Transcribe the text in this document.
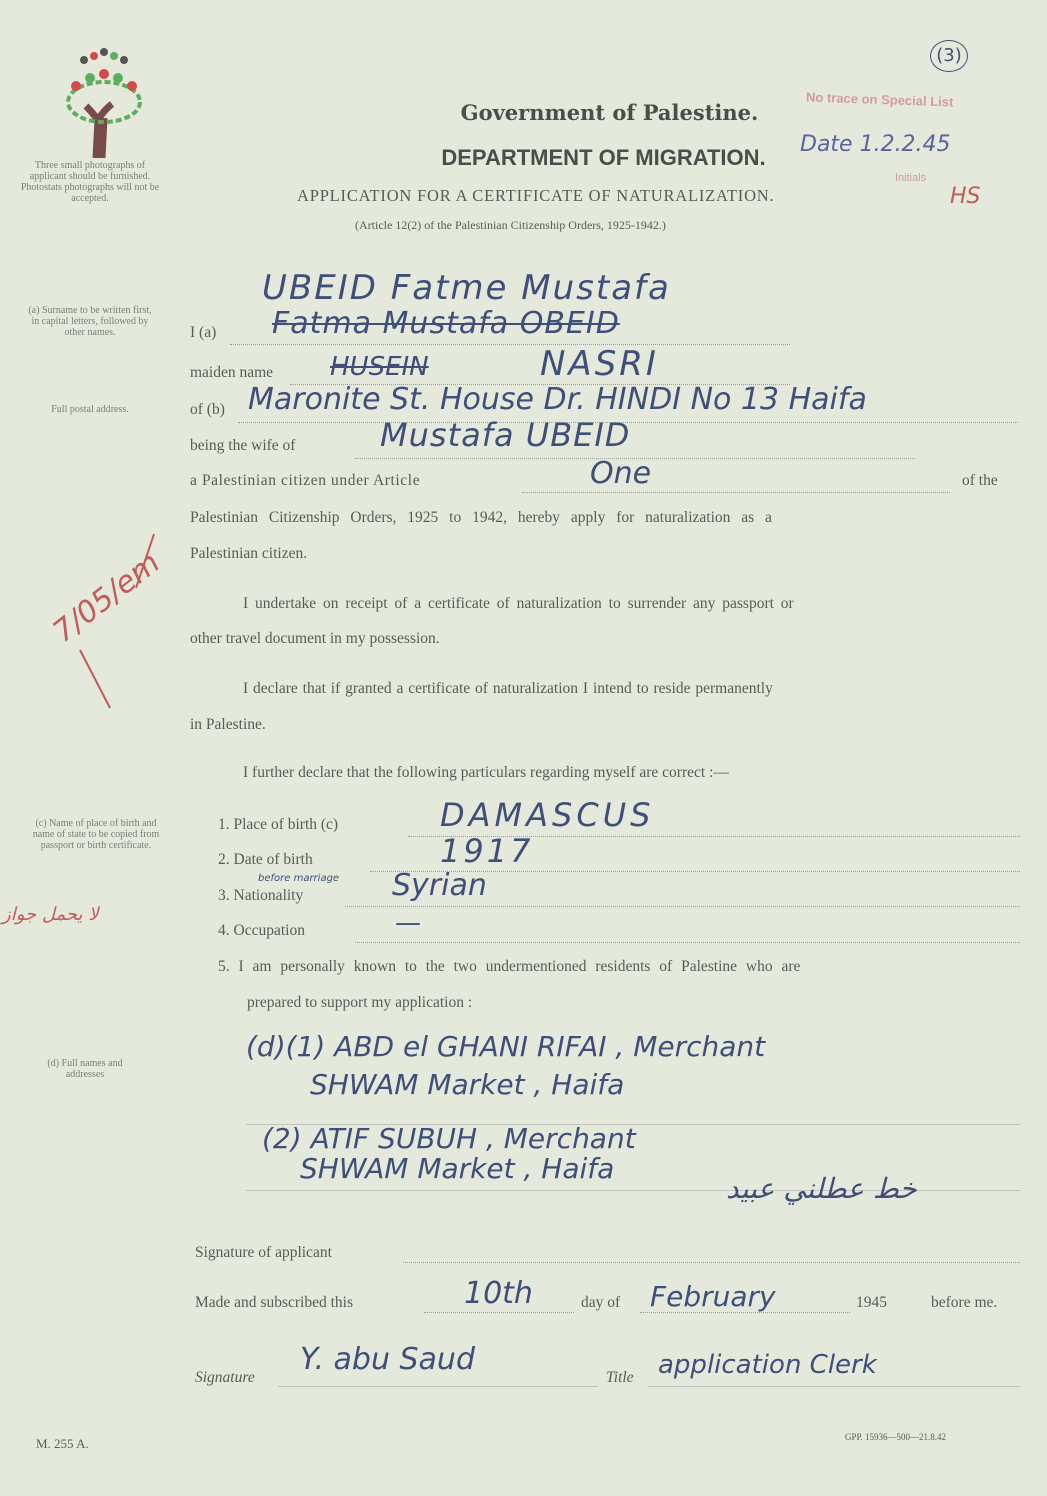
Three small photographs of applicant should be furnished. Photostats photographs will not be accepted.
(a) Surname to be written first, in capital letters, followed by other names.
Full postal address.
(c) Name of place of birth and name of state to be copied from passport or birth certificate.
(d) Full names and addresses
(3)
No trace on Special List
Date 1.2.2.45
Initials
HS
7/05/em
Government of Palestine.
DEPARTMENT OF MIGRATION.
APPLICATION FOR A CERTIFICATE OF NATURALIZATION.
(Article 12(2) of the Palestinian Citizenship Orders, 1925-1942.)
UBEID Fatme Mustafa
I (a) Fatma Mustafa OBEID
maiden name HUSEIN	NASRI
of (b) Maronite St. House Dr. HINDI No 13 Haifa
being the wife of	Mustafa UBEID
a Palestinian citizen under Article	One	of the
Palestinian Citizenship Orders, 1925 to 1942, hereby apply for naturalization as a
Palestinian citizen.
I undertake on receipt of a certificate of naturalization to surrender any passport or
other travel document in my possession.
I declare that if granted a certificate of naturalization I intend to reside permanently
in Palestine.
I further declare that the following particulars regarding myself are correct :—
1. Place of birth (c)	DAMASCUS
2. Date of birth	1917
3. Nationality
before marriage Syrian
لا يحمل جواز
4. Occupation	—
5. I am personally known to the two undermentioned residents of Palestine who are
prepared to support my application :
(d)(1) ABD el GHANI RIFAI , Merchant
SHWAM Market , Haifa
(2) ATIF SUBUH , Merchant
SHWAM Market , Haifa
خط عطلني عبيد
Signature of applicant
Made and subscribed this	10th	day of February	1945	before me.
Signature
Y. abu Saud
Title application Clerk
M. 255 A.	GPP. 15936—500—21.8.42
